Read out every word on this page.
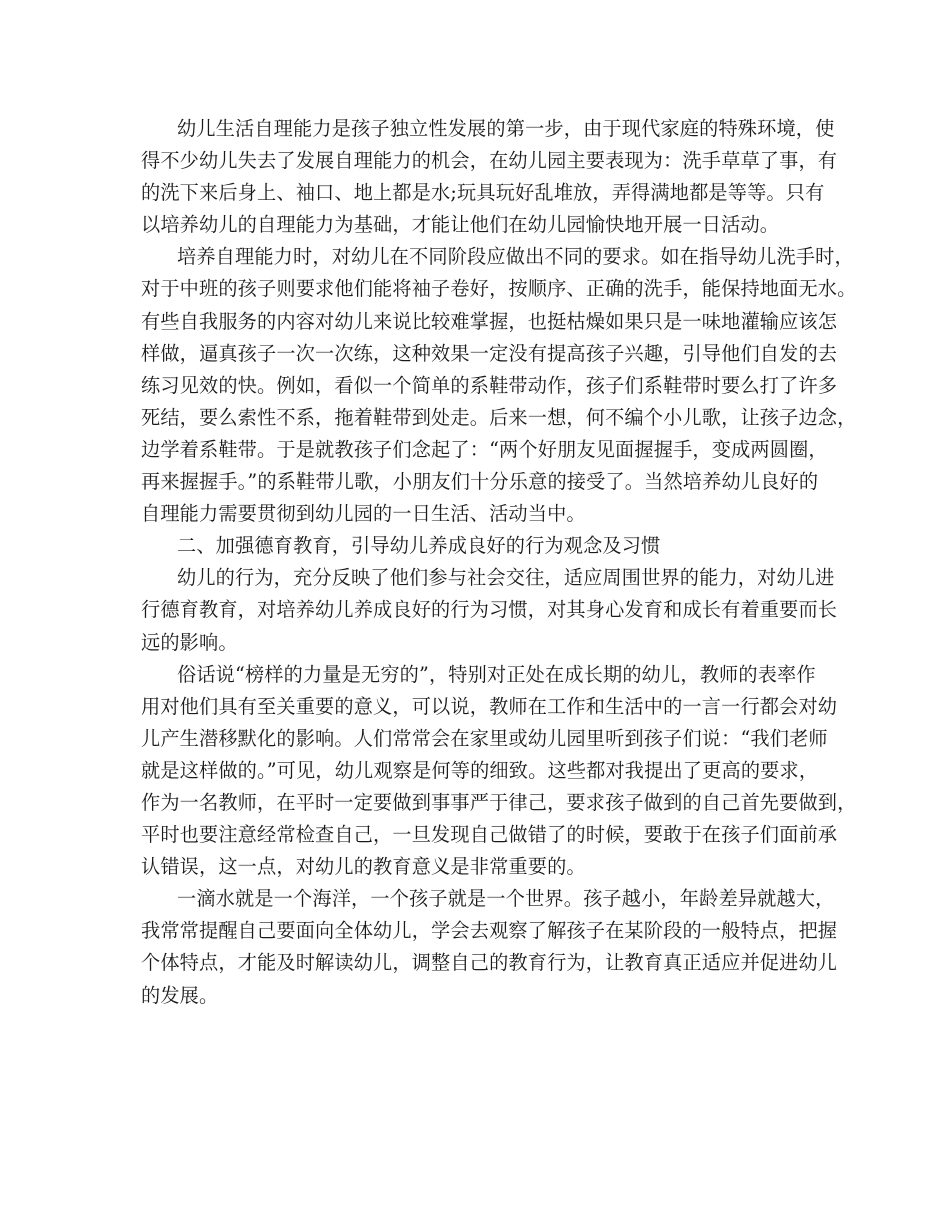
幼儿生活自理能力是孩子独立性发展的第一步，由于现代家庭的特殊环境，使
得不少幼儿失去了发展自理能力的机会，在幼儿园主要表现为：洗手草草了事，有
的洗下来后身上、袖口、地上都是水;玩具玩好乱堆放，弄得满地都是等等。只有
以培养幼儿的自理能力为基础，才能让他们在幼儿园愉快地开展一日活动。
培养自理能力时，对幼儿在不同阶段应做出不同的要求。如在指导幼儿洗手时，
对于中班的孩子则要求他们能将袖子卷好，按顺序、正确的洗手，能保持地面无水。
有些自我服务的内容对幼儿来说比较难掌握，也挺枯燥如果只是一味地灌输应该怎
样做，逼真孩子一次一次练，这种效果一定没有提高孩子兴趣，引导他们自发的去
练习见效的快。例如，看似一个简单的系鞋带动作，孩子们系鞋带时要么打了许多
死结，要么索性不系，拖着鞋带到处走。后来一想，何不编个小儿歌，让孩子边念，
边学着系鞋带。于是就教孩子们念起了：“两个好朋友见面握握手，变成两圆圈，
再来握握手。”的系鞋带儿歌，小朋友们十分乐意的接受了。当然培养幼儿良好的
自理能力需要贯彻到幼儿园的一日生活、活动当中。
二、加强德育教育，引导幼儿养成良好的行为观念及习惯
幼儿的行为，充分反映了他们参与社会交往，适应周围世界的能力，对幼儿进
行德育教育，对培养幼儿养成良好的行为习惯，对其身心发育和成长有着重要而长
远的影响。
俗话说“榜样的力量是无穷的”，特别对正处在成长期的幼儿，教师的表率作
用对他们具有至关重要的意义，可以说，教师在工作和生活中的一言一行都会对幼
儿产生潜移默化的影响。人们常常会在家里或幼儿园里听到孩子们说：“我们老师
就是这样做的。”可见，幼儿观察是何等的细致。这些都对我提出了更高的要求，
作为一名教师，在平时一定要做到事事严于律己，要求孩子做到的自己首先要做到，
平时也要注意经常检查自己，一旦发现自己做错了的时候，要敢于在孩子们面前承
认错误，这一点，对幼儿的教育意义是非常重要的。
一滴水就是一个海洋，一个孩子就是一个世界。孩子越小，年龄差异就越大，
我常常提醒自己要面向全体幼儿，学会去观察了解孩子在某阶段的一般特点，把握
个体特点，才能及时解读幼儿，调整自己的教育行为，让教育真正适应并促进幼儿
的发展。
